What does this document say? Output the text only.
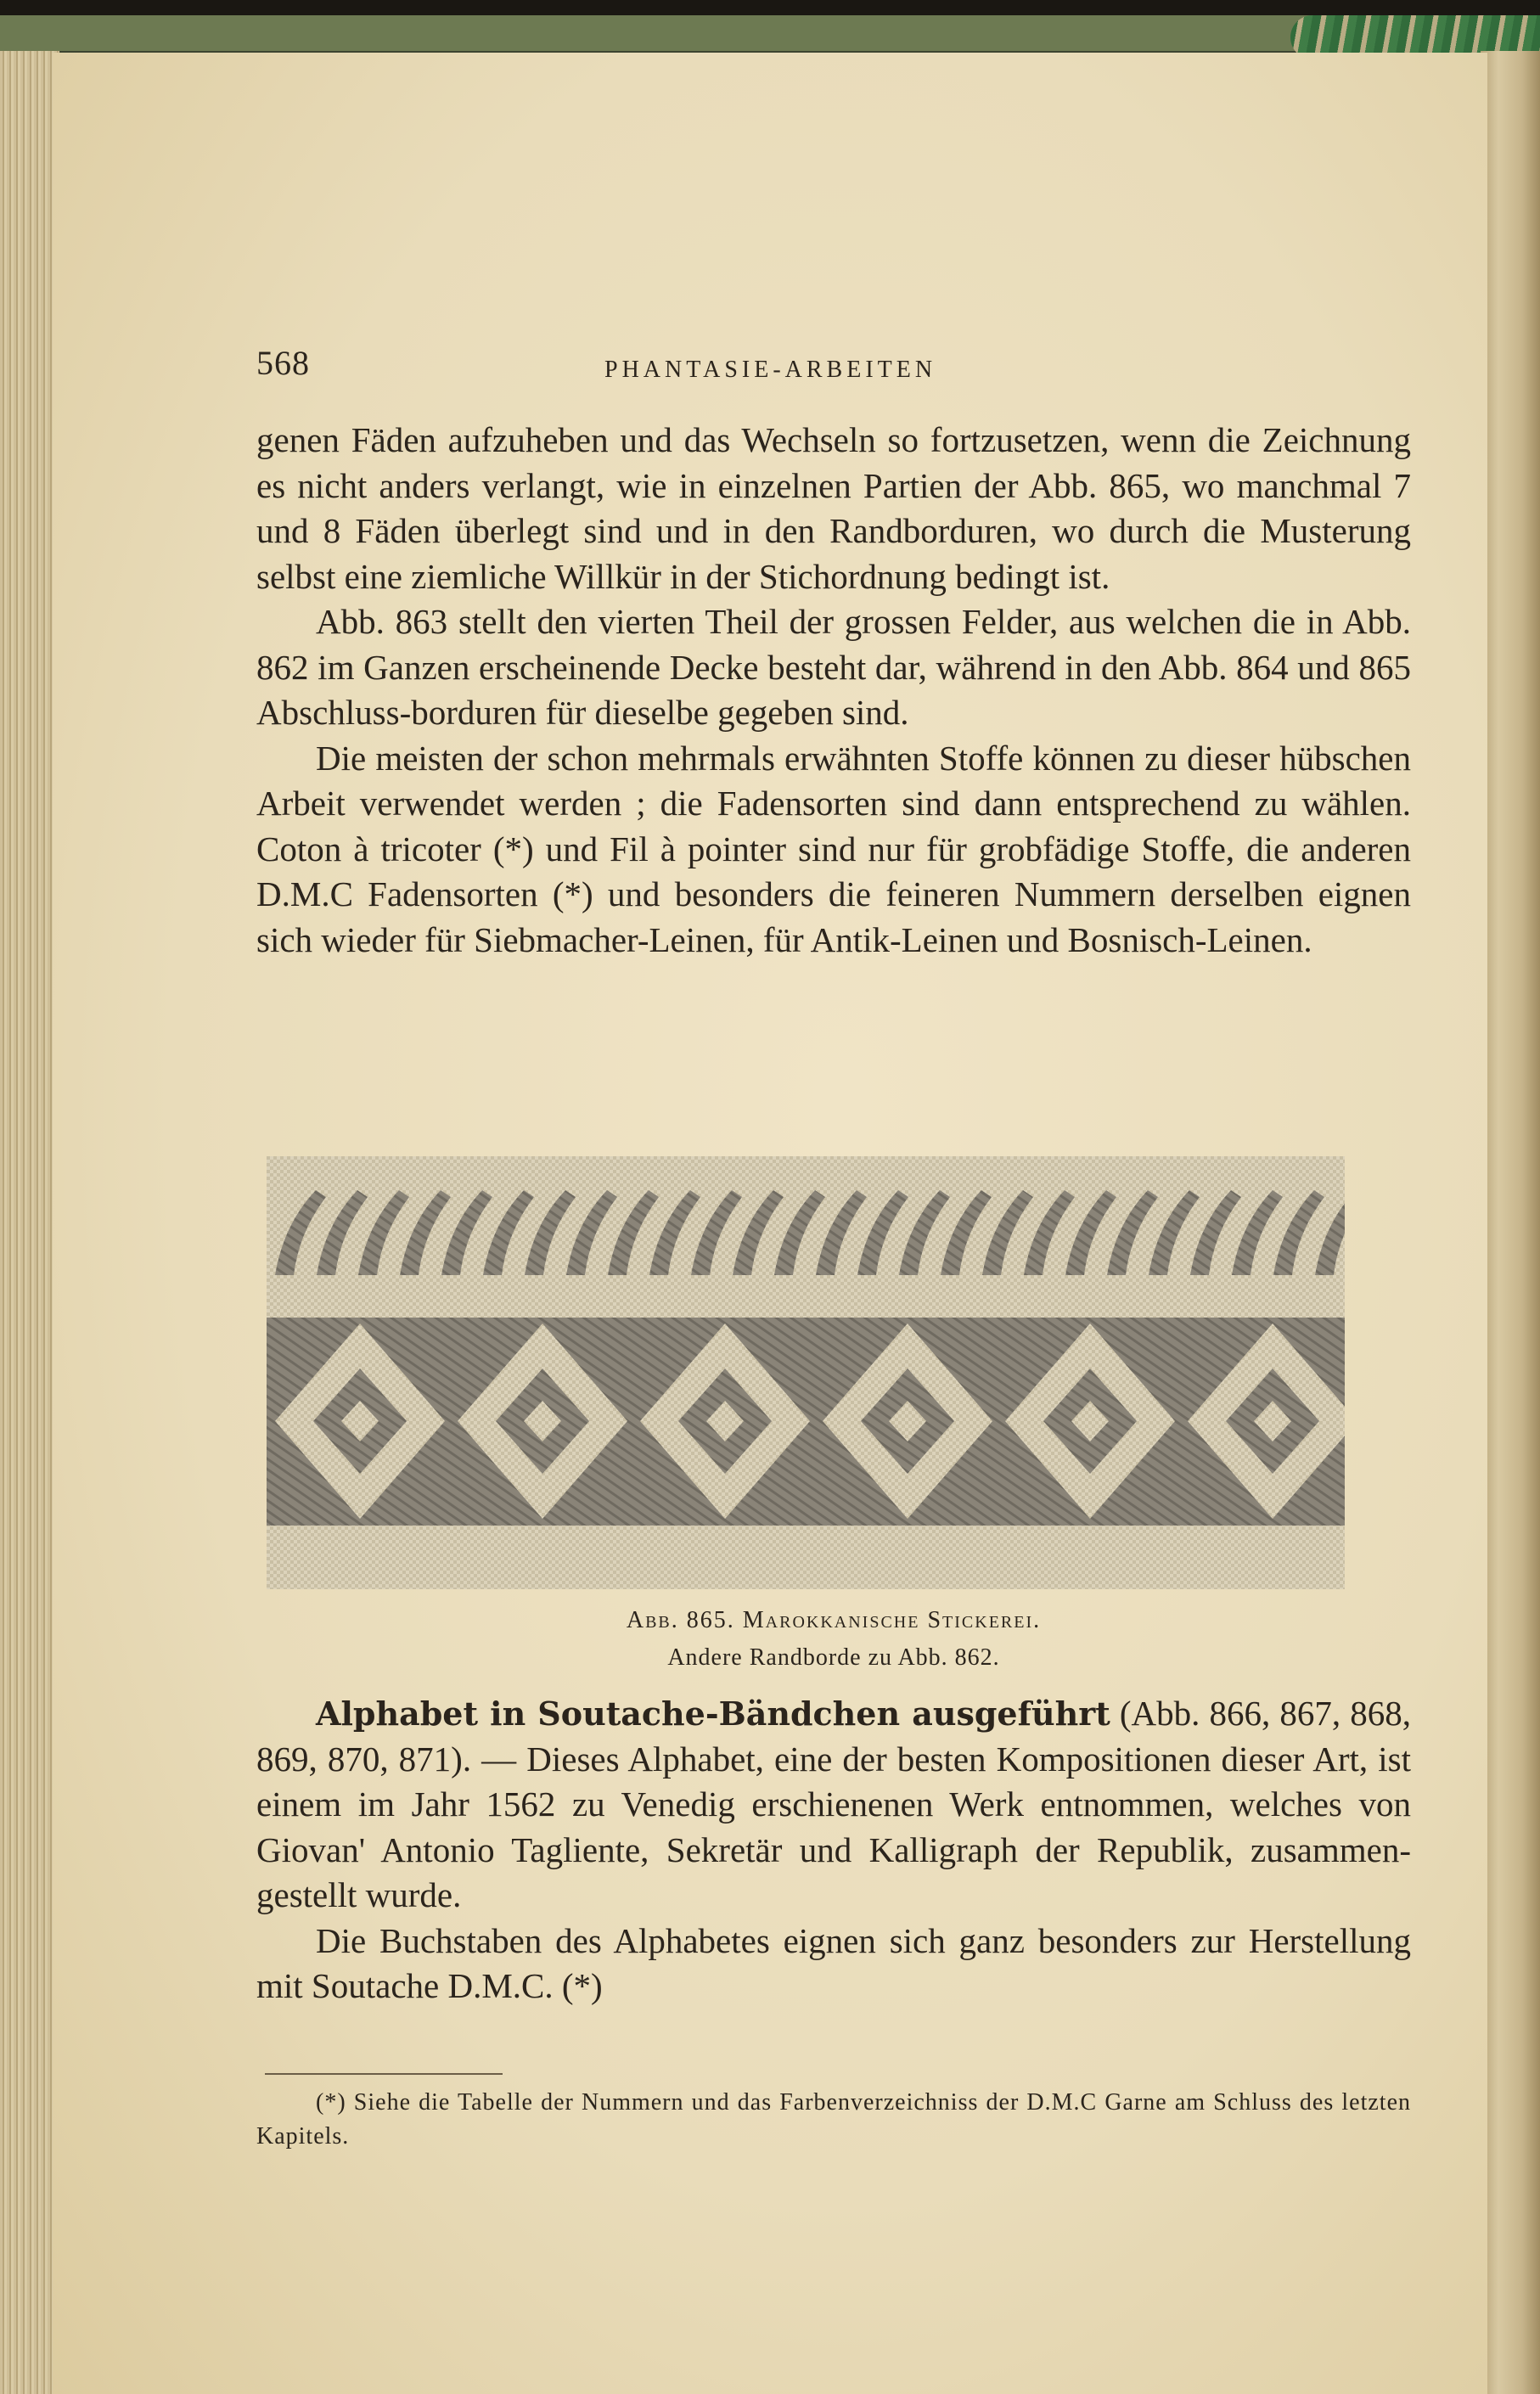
568	PHANTASIE-ARBEITEN

genen Fäden aufzuheben und das Wechseln so fortzusetzen, wenn die Zeichnung es nicht anders verlangt, wie in einzelnen Partien der Abb. 865, wo manchmal 7 und 8 Fäden überlegt sind und in den Randborduren, wo durch die Musterung selbst eine ziemliche Willkür in der Stichordnung bedingt ist.

Abb. 863 stellt den vierten Theil der grossen Felder, aus welchen die in Abb. 862 im Ganzen erscheinende Decke besteht dar, während in den Abb. 864 und 865 Abschluss-borduren für dieselbe gegeben sind.

Die meisten der schon mehrmals erwähnten Stoffe können zu dieser hübschen Arbeit verwendet werden ; die Fadensorten sind dann entsprechend zu wählen. Coton à tricoter (*) und Fil à pointer sind nur für grobfädige Stoffe, die anderen D.M.C Fadensorten (*) und besonders die feineren Nummern derselben eignen sich wieder für Siebmacher-Leinen, für Antik-Leinen und Bosnisch-Leinen.

Abb. 865. Marokkanische Stickerei.
Andere Randborde zu Abb. 862.

Alphabet in Soutache-Bändchen ausgeführt (Abb. 866, 867, 868, 869, 870, 871). — Dieses Alphabet, eine der besten Kompositionen dieser Art, ist einem im Jahr 1562 zu Venedig erschienenen Werk entnommen, welches von Giovan' Antonio Tagliente, Sekretär und Kalligraph der Republik, zusammen-gestellt wurde.

Die Buchstaben des Alphabetes eignen sich ganz besonders zur Herstellung mit Soutache D.M.C. (*)

(*) Siehe die Tabelle der Nummern und das Farbenverzeichniss der D.M.C Garne am Schluss des letzten Kapitels.
